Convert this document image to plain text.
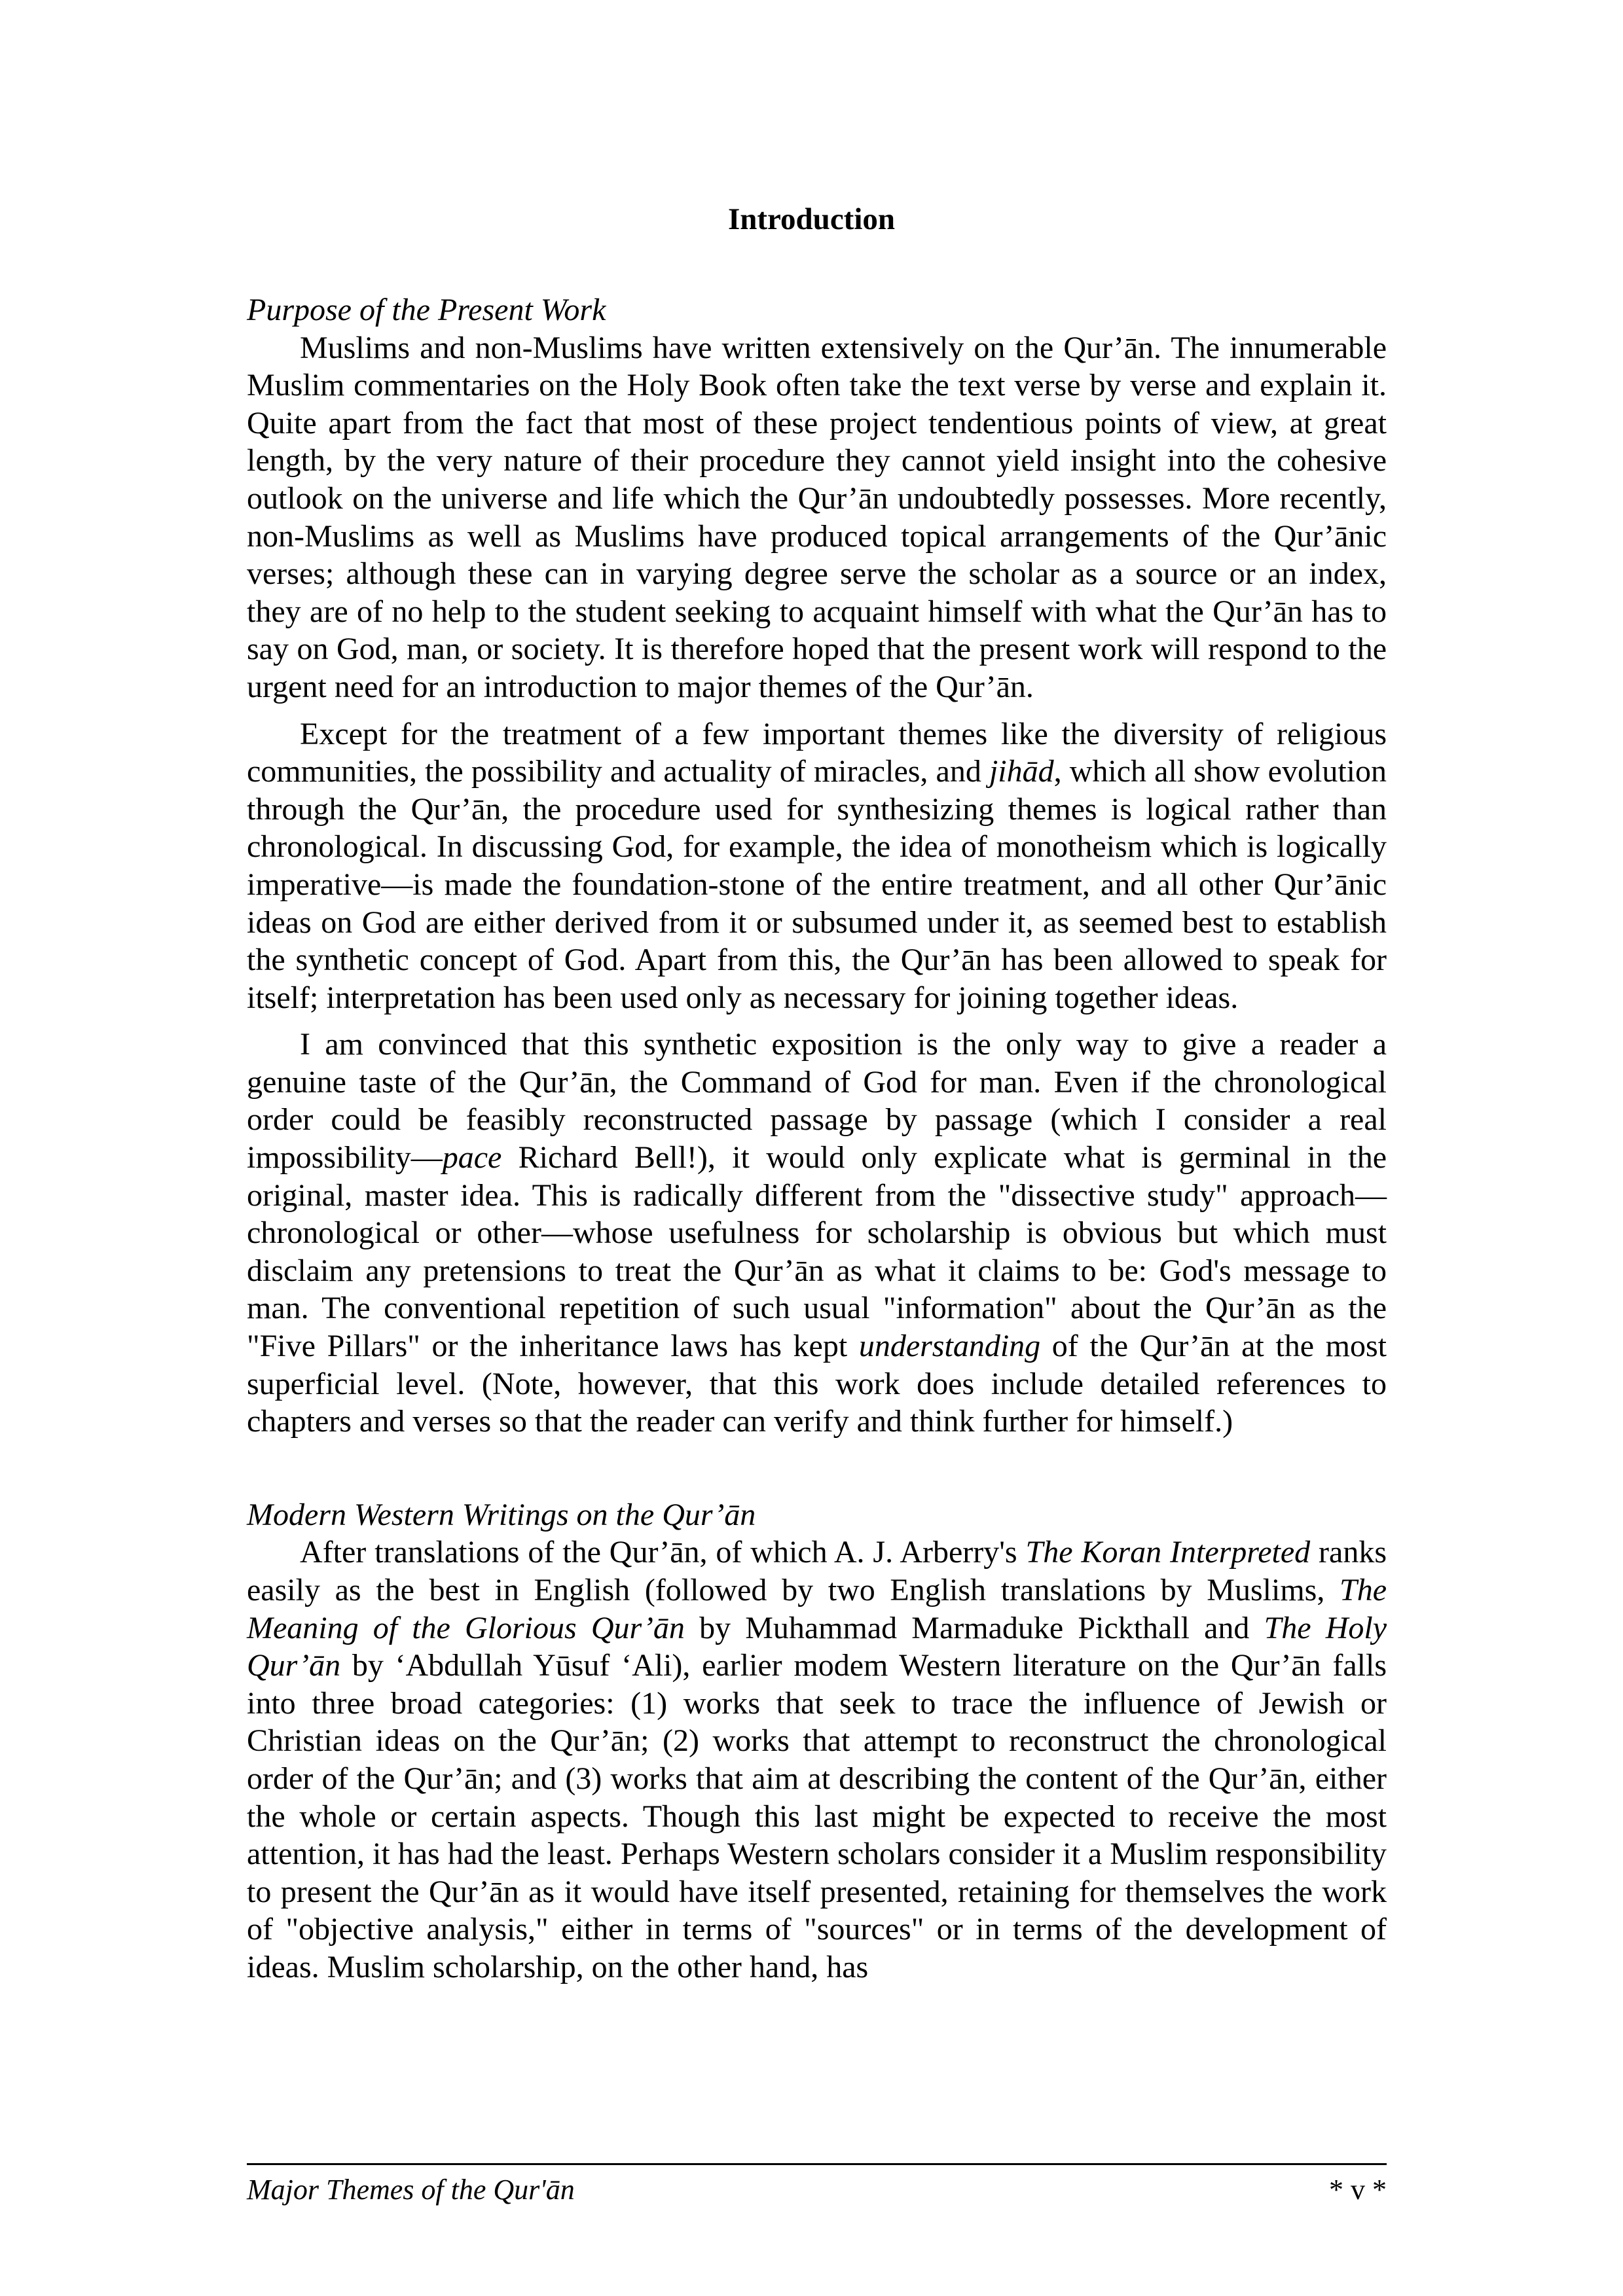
Introduction

Purpose of the Present Work

Muslims and non-Muslims have written extensively on the Qur’ān. The innumerable Muslim commentaries on the Holy Book often take the text verse by verse and explain it. Quite apart from the fact that most of these project tendentious points of view, at great length, by the very nature of their procedure they cannot yield insight into the cohesive outlook on the universe and life which the Qur’ān undoubtedly possesses. More recently, non-Muslims as well as Muslims have produced topical arrangements of the Qur’ānic verses; although these can in varying degree serve the scholar as a source or an index, they are of no help to the student seeking to acquaint himself with what the Qur’ān has to say on God, man, or society. It is therefore hoped that the present work will respond to the urgent need for an introduction to major themes of the Qur’ān.

Except for the treatment of a few important themes like the diversity of religious communities, the possibility and actuality of miracles, and jihād, which all show evolution through the Qur’ān, the procedure used for synthesizing themes is logical rather than chronological. In discussing God, for example, the idea of monotheism which is logically imperative—is made the foundation-stone of the entire treatment, and all other Qur’ānic ideas on God are either derived from it or subsumed under it, as seemed best to establish the synthetic concept of God. Apart from this, the Qur’ān has been allowed to speak for itself; interpretation has been used only as necessary for joining together ideas.

I am convinced that this synthetic exposition is the only way to give a reader a genuine taste of the Qur’ān, the Command of God for man. Even if the chronological order could be feasibly reconstructed passage by passage (which I consider a real impossibility—pace Richard Bell!), it would only explicate what is germinal in the original, master idea. This is radically different from the "dissective study" approach—chronological or other—whose usefulness for scholarship is obvious but which must disclaim any pretensions to treat the Qur’ān as what it claims to be: God's message to man. The conventional repetition of such usual "information" about the Qur’ān as the "Five Pillars" or the inheritance laws has kept understanding of the Qur’ān at the most superficial level. (Note, however, that this work does include detailed references to chapters and verses so that the reader can verify and think further for himself.)

Modern Western Writings on the Qur’ān

After translations of the Qur’ān, of which A. J. Arberry's The Koran Interpreted ranks easily as the best in English (followed by two English translations by Muslims, The Meaning of the Glorious Qur’ān by Muhammad Marmaduke Pickthall and The Holy Qur’ān by ‘Abdullah Yūsuf ‘Ali), earlier modem Western literature on the Qur’ān falls into three broad categories: (1) works that seek to trace the influence of Jewish or Christian ideas on the Qur’ān; (2) works that attempt to reconstruct the chronological order of the Qur’ān; and (3) works that aim at describing the content of the Qur’ān, either the whole or certain aspects. Though this last might be expected to receive the most attention, it has had the least. Perhaps Western scholars consider it a Muslim responsibility to present the Qur’ān as it would have itself presented, retaining for themselves the work of "objective analysis," either in terms of "sources" or in terms of the development of ideas. Muslim scholarship, on the other hand, has

Major Themes of the Qur'ān	* v *
